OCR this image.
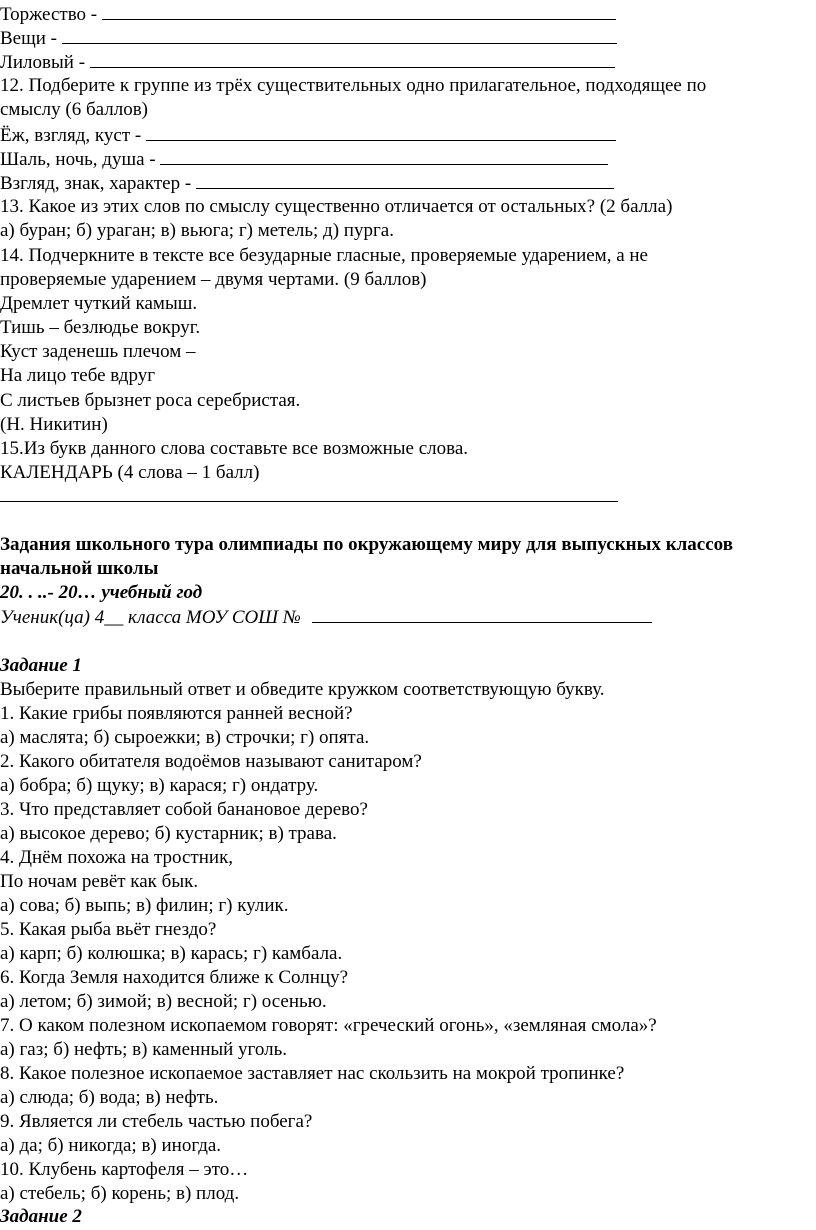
Торжество -
Вещи -
Лиловый -
12. Подберите к группе из трёх существительных одно прилагательное, подходящее по
смыслу (6 баллов)
Ёж, взгляд, куст -
Шаль, ночь, душа -
Взгляд, знак, характер -
13. Какое из этих слов по смыслу существенно отличается от остальных? (2 балла)
а) буран; б) ураган; в) вьюга; г) метель; д) пурга.
14. Подчеркните в тексте все безударные гласные, проверяемые ударением, а не
проверяемые ударением – двумя чертами. (9 баллов)
Дремлет чуткий камыш.
Тишь – безлюдье вокруг.
Куст заденешь плечом –
На лицо тебе вдруг
С листьев брызнет роса серебристая.
(Н. Никитин)
15.Из букв данного слова составьте все возможные слова.
КАЛЕНДАРЬ (4 слова – 1 балл)
Задания школьного тура олимпиады по окружающему миру для выпускных классов
начальной школы
20. . ..- 20… учебный год
Ученик(ца) 4__ класса МОУ СОШ №
Задание 1
Выберите правильный ответ и обведите кружком соответствующую букву.
1. Какие грибы появляются ранней весной?
а) маслята; б) сыроежки; в) строчки; г) опята.
2. Какого обитателя водоёмов называют санитаром?
а) бобра; б) щуку; в) карася; г) ондатру.
3. Что представляет собой банановое дерево?
а) высокое дерево; б) кустарник; в) трава.
4. Днём похожа на тростник,
По ночам ревёт как бык.
а) сова; б) выпь; в) филин; г) кулик.
5. Какая рыба вьёт гнездо?
а) карп; б) колюшка; в) карась; г) камбала.
6. Когда Земля находится ближе к Солнцу?
а) летом; б) зимой; в) весной; г) осенью.
7. О каком полезном ископаемом говорят: «греческий огонь», «земляная смола»?
а) газ; б) нефть; в) каменный уголь.
8. Какое полезное ископаемое заставляет нас скользить на мокрой тропинке?
а) слюда; б) вода; в) нефть.
9. Является ли стебель частью побега?
а) да; б) никогда; в) иногда.
10. Клубень картофеля – это…
а) стебель; б) корень; в) плод.
Задание 2
